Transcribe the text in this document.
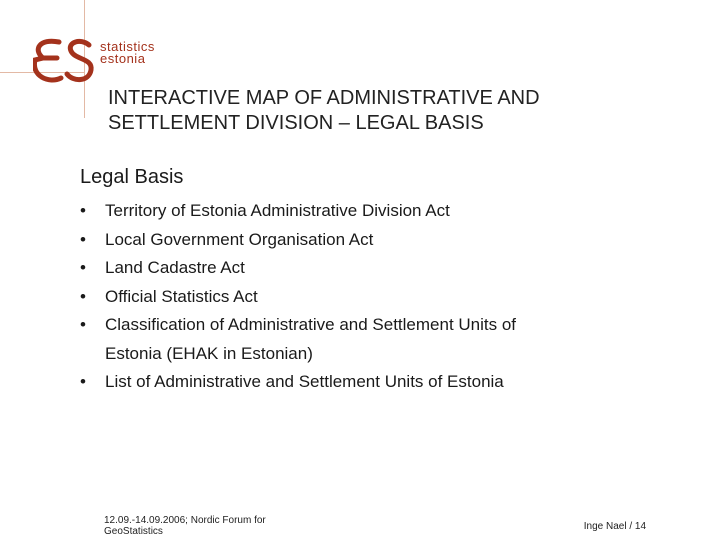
statistics
estonia
INTERACTIVE MAP OF ADMINISTRATIVE AND
SETTLEMENT DIVISION – LEGAL BASIS
Legal Basis
•	Territory of Estonia Administrative Division Act
•	Local Government Organisation Act
•	Land Cadastre Act
•	Official Statistics Act
•	Classification of Administrative and Settlement Units of
Estonia (EHAK in Estonian)
•	List of Administrative and Settlement Units of Estonia
12.09.-14.09.2006; Nordic Forum for
GeoStatistics	Inge Nael / 14
